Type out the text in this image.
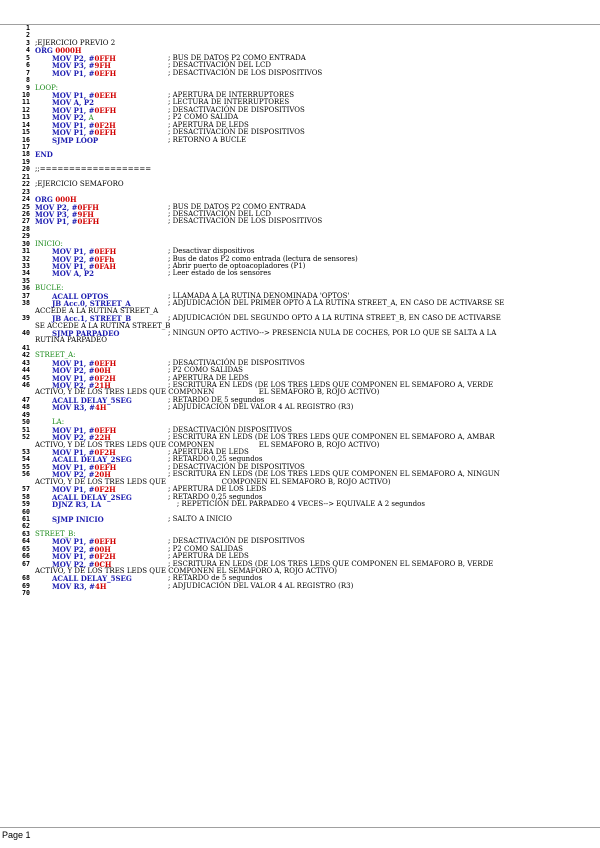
1
2
3 ;EJERCICIO PREVIO 2
4 ORG 0000H
5	MOV P2, #0FFH	; BUS DE DATOS P2 COMO ENTRADA
6	MOV P3, #9FH	; DESACTIVACIÓN DEL LCD
7	MOV P1, #0EFH	; DESACTIVACIÓN DE LOS DISPOSITIVOS
8
9 LOOP:
10	MOV P1, #0EEH	; APERTURA DE INTERRUPTORES
11	MOV A, P2	; LECTURA DE INTERRUPTORES
12	MOV P1, #0EFH	; DESACTIVACIÓN DE DISPOSITIVOS
13	MOV P2, A	; P2 COMO SALIDA
14	MOV P1, #0F2H	; APERTURA DE LEDS
15	MOV P1, #0EFH	; DESACTIVACIÓN DE DISPOSITIVOS
16	SJMP LOOP	; RETORNO A BUCLE
17
18 END
19
20 ;;===================
21
22 ;EJERCICIO SEMAFORO
23
24 ORG 000H
25 MOV P2, #0FFH	; BUS DE DATOS P2 COMO ENTRADA
26 MOV P3, #9FH	; DESACTIVACIÓN DEL LCD
27 MOV P1, #0EFH	; DESACTIVACIÓN DE LOS DISPOSITIVOS
28
29
30 INICIO:
31	MOV P1, #0EFH	; Desactivar dispositivos
32	MOV P2, #0FFh	; Bus de datos P2 como entrada (lectura de sensores)
33	MOV P1, #0FAH	; Abrir puerto de optoacopladores (P1)
34	MOV A, P2	; Leer estado de los sensores
35
36 BUCLE:
37	ACALL OPTOS	; LLAMADA A LA RUTINA DENOMINADA 'OPTOS'
38	JB Acc.0, STREET_A	; ADJUDICACIÓN DEL PRIMER OPTO A LA RUTINA STREET_A, EN CASO DE ACTIVARSE SE
ACCEDE A LA RUTINA STREET_A
39	JB Acc.1, STREET_B	; ADJUDICACIÓN DEL SEGUNDO OPTO A LA RUTINA STREET_B, EN CASO DE ACTIVARSE
SE ACCEDE A LA RUTINA STREET_B
40	SJMP PARPADEO	; NINGUN OPTO ACTIVO--> PRESENCIA NULA DE COCHES, POR LO QUE SE SALTA A LA
RUTINA PARPADEO
41
42 STREET_A:
43	MOV P1, #0EFH	; DESACTIVACIÓN DE DISPOSITIVOS
44	MOV P2, #00H	; P2 COMO SALIDAS
45	MOV P1, #0F2H	; APERTURA DE LEDS
46	MOV P2, #21H	; ESCRITURA EN LEDS (DE LOS TRES LEDS QUE COMPONEN EL SEMAFORO A, VERDE
ACTIVO, Y DE LOS TRES LEDS QUE COMPONEN                    EL SEMAFORO B, ROJO ACTIVO)
47	ACALL DELAY_5SEG	; RETARDO DE 5 segundos
48	MOV R3, #4H	; ADJUDICACIÓN DEL VALOR 4 AL REGISTRO (R3)
49
50	LA:
51	MOV P1, #0EFH	; DESACTIVACIÓN DISPOSITIVOS
52	MOV P2, #22H	; ESCRITURA EN LEDS (DE LOS TRES LEDS QUE COMPONEN EL SEMAFORO A, AMBAR
ACTIVO, Y DE LOS TRES LEDS QUE COMPONEN                    EL SEMAFORO B, ROJO ACTIVO)
53	MOV P1, #0F2H	; APERTURA DE LEDS
54	ACALL DELAY_2SEG	; RETARDO 0,25 segundos
55	MOV P1, #0EFH	; DESACTIVACIÓN DE DISPOSITIVOS
56	MOV P2, #20H	; ESCRITURA EN LEDS (DE LOS TRES LEDS QUE COMPONEN EL SEMAFORO A, NINGUN
ACTIVO, Y DE LOS TRES LEDS QUE                         COMPONEN EL SEMAFORO B, ROJO ACTIVO)
57	MOV P1, #0F2H	; APERTURA DE LOS LEDS
58	ACALL DELAY_2SEG	; RETARDO 0,25 segundos
59	DJNZ R3, LA	; REPETICIÓN DEL PARPADEO 4 VECES--> EQUIVALE A 2 segundos
60
61	SJMP INICIO	; SALTO A INICIO
62
63 STREET_B:
64	MOV P1, #0EFH	; DESACTIVACIÓN DE DISPOSITIVOS
65	MOV P2, #00H	; P2 COMO SALIDAS
66	MOV P1, #0F2H	; APERTURA DE LEDS
67	MOV P2, #0CH	; ESCRITURA EN LEDS (DE LOS TRES LEDS QUE COMPONEN EL SEMAFORO B, VERDE
ACTIVO, Y DE LOS TRES LEDS QUE COMPONEN EL SEMAFORO A, ROJO ACTIVO)
68	ACALL DELAY_5SEG	; RETARDO de 5 segundos
69	MOV R3, #4H	; ADJUDICACIÓN DEL VALOR 4 AL REGISTRO (R3)
70
Page 1
